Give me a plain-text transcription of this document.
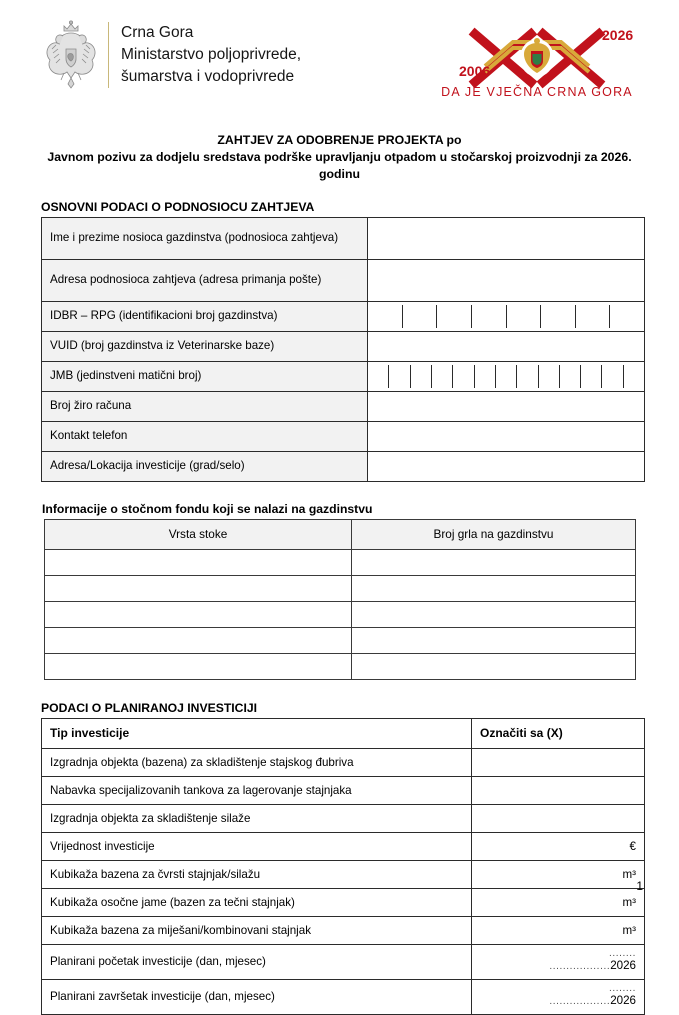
Crna Gora
Ministarstvo poljoprivrede,
šumarstva i vodoprivrede	2006
2026
DA JE VJEČNA CRNA GORA
ZAHTJEV ZA ODOBRENJE PROJEKTA po
Javnom pozivu za dodjelu sredstava podrške upravljanju otpadom u stočarskoj proizvodnji za 2026. godinu
OSNOVNI PODACI O PODNOSIOCU ZAHTJEVA
Ime i prezime nosioca gazdinstva (podnosioca zahtjeva)	
Adresa podnosioca zahtjeva (adresa primanja pošte)	
IDBR – RPG (identifikacioni broj gazdinstva)	

VUID (broj gazdinstva iz Veterinarske baze)	
JMB (jedinstveni matični broj)	

Broj žiro računa	
Kontakt telefon	
Adresa/Lokacija investicije (grad/selo)	
Informacije o stočnom fondu koji se nalazi na gazdinstvu
Vrsta stoke	Broj grla na gazdinstvu

PODACI O PLANIRANOJ INVESTICIJI
Tip investicije	Označiti sa (X)
Izgradnja objekta (bazena) za skladištenje stajskog đubriva	
Nabavka specijalizovanih tankova za lagerovanje stajnjaka	
Izgradnja objekta za skladištenje silaže	
Vrijednost investicije	€
Kubikaža bazena za čvrsti stajnjak/silažu	m³
Kubikaža osočne jame (bazen za tečni stajnjak)	m³
Kubikaža bazena za miješani/kombinovani stajnjak	m³
Planirani početak investicije (dan, mjesec)	........
..................2026

Planirani završetak investicije (dan, mjesec)	........
..................2026
1
